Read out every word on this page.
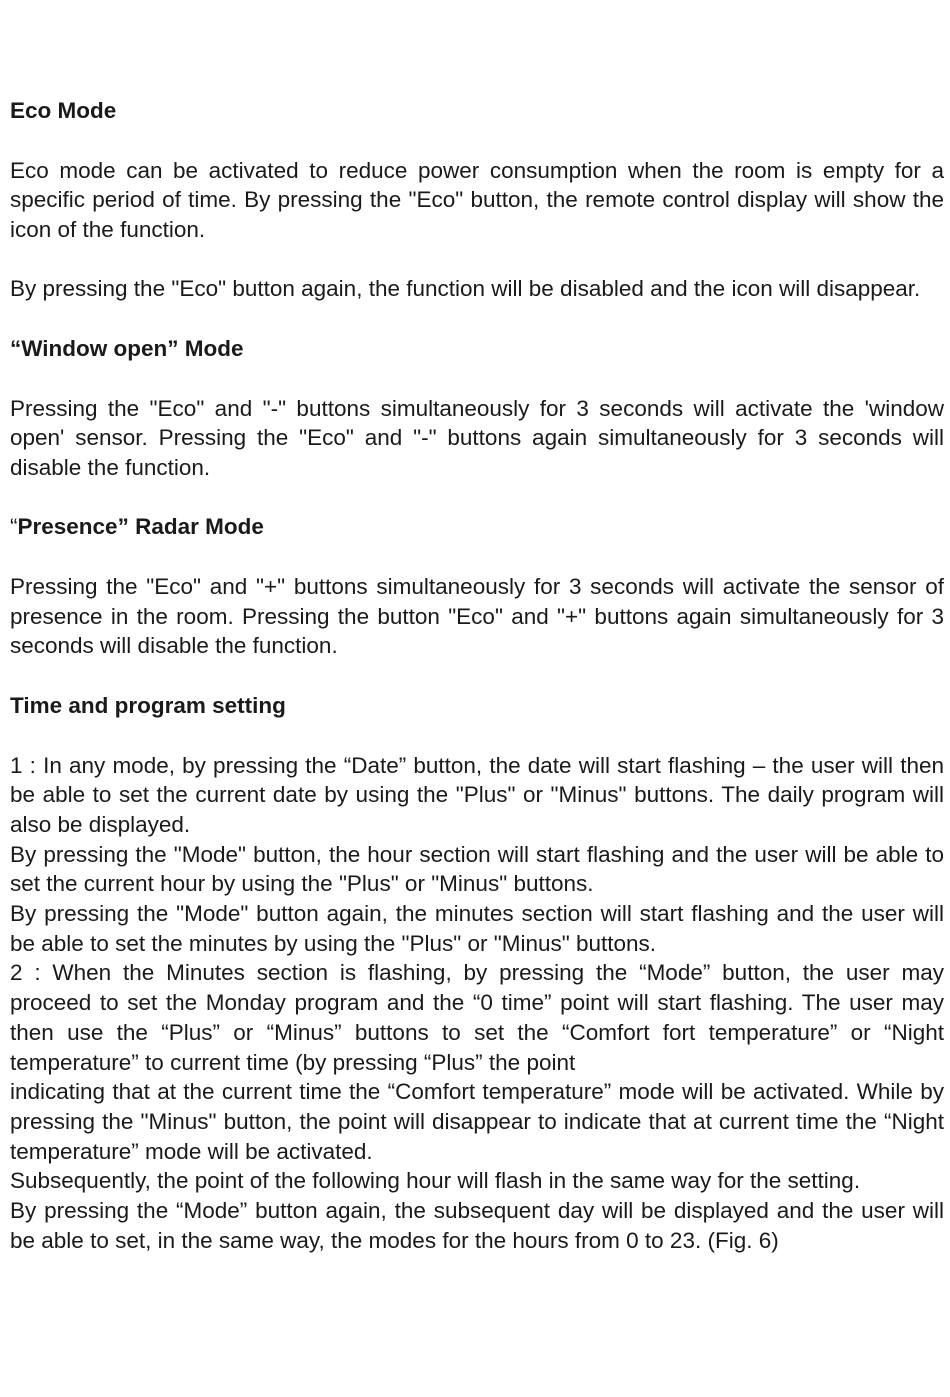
Eco Mode

Eco mode can be activated to reduce power consumption when the room is empty for a specific period of time. By pressing the "Eco" button, the remote control display will show the icon of the function.

By pressing the "Eco" button again, the function will be disabled and the icon will disappear.

“Window open” Mode

Pressing the "Eco" and "-" buttons simultaneously for 3 seconds will activate the 'window open' sensor. Pressing the "Eco" and "-" buttons again simultaneously for 3 seconds will disable the function.

“Presence” Radar Mode

Pressing the "Eco" and "+" buttons simultaneously for 3 seconds will activate the sensor of presence in the room. Pressing the button "Eco" and "+" buttons again simultaneously for 3 seconds will disable the function.

Time and program setting

1 : In any mode, by pressing the “Date” button, the date will start flashing – the user will then be able to set the current date by using the "Plus" or "Minus" buttons. The daily program will also be displayed.

By pressing the "Mode" button, the hour section will start flashing and the user will be able to set the current hour by using the "Plus" or "Minus" buttons.

By pressing the "Mode" button again, the minutes section will start flashing and the user will be able to set the minutes by using the "Plus" or "Minus" buttons.

2 : When the Minutes section is flashing, by pressing the “Mode” button, the user may proceed to set the Monday program and the “0 time” point will start flashing. The user may then use the “Plus” or “Minus” buttons to set the “Comfort fort temperature” or “Night temperature” to current time (by pressing “Plus” the point

indicating that at the current time the “Comfort temperature” mode will be activated. While by pressing the "Minus" button, the point will disappear to indicate that at current time the “Night temperature” mode will be activated.

Subsequently, the point of the following hour will flash in the same way for the setting.

By pressing the “Mode” button again, the subsequent day will be displayed and the user will be able to set, in the same way, the modes for the hours from 0 to 23. (Fig. 6)
